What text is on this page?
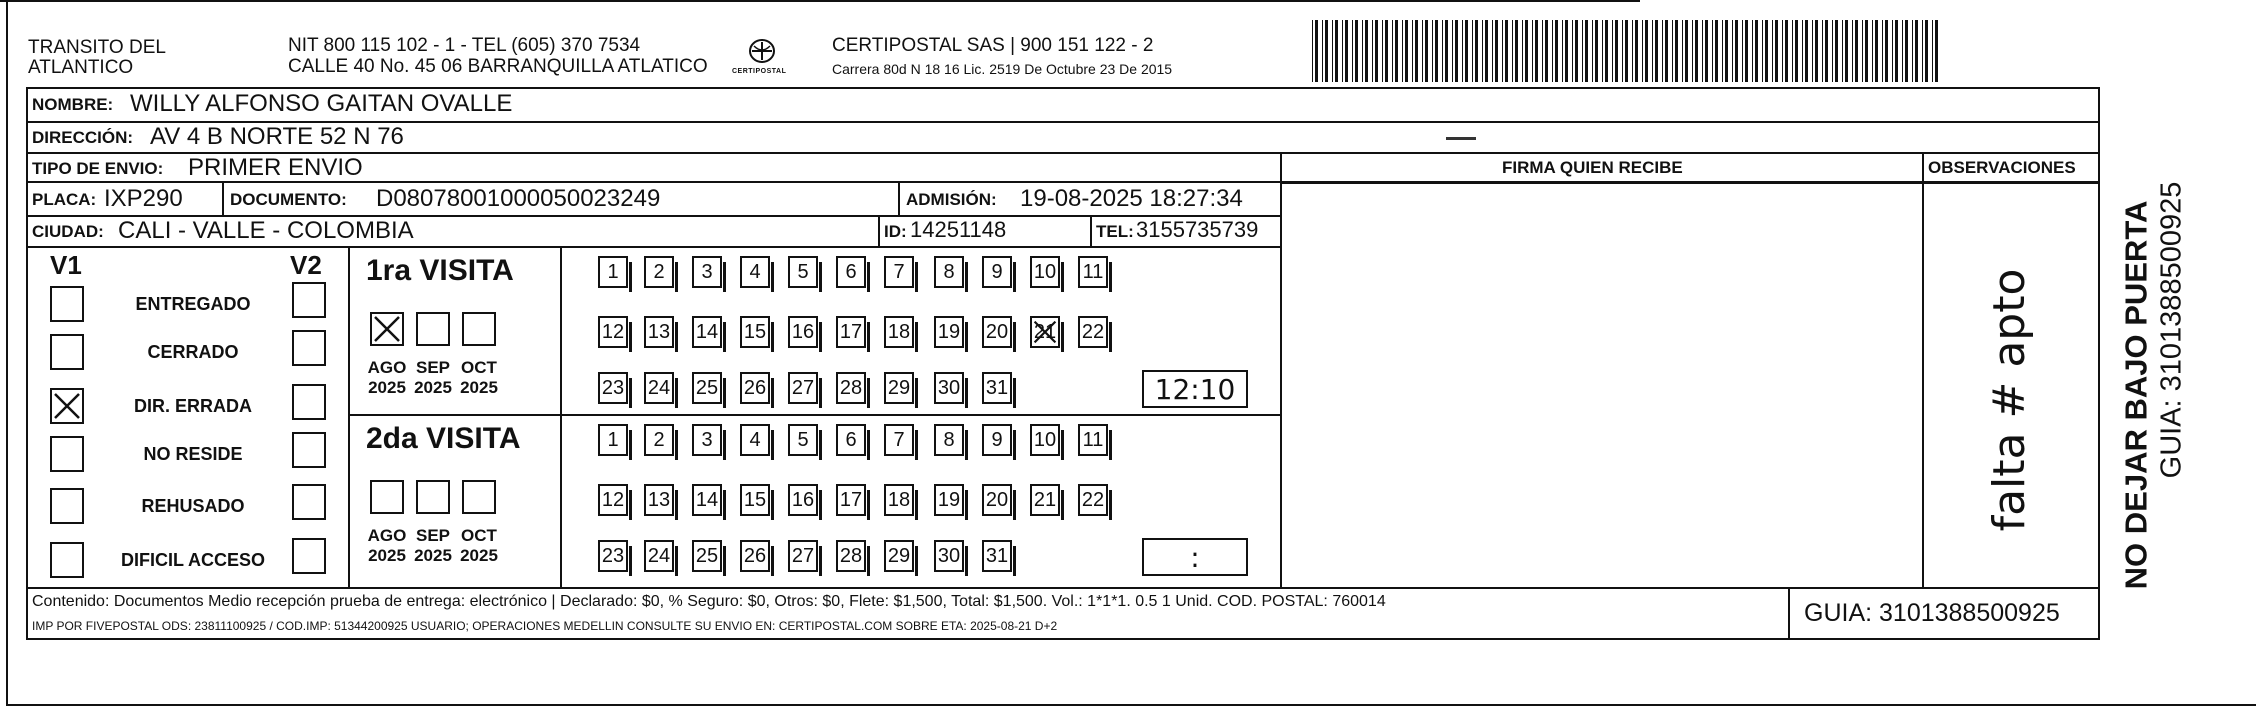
TRANSITO DEL
ATLANTICO
NIT 800 115 102 - 1 - TEL (605) 370 7534
CALLE 40 No. 45 06 BARRANQUILLA ATLATICO	CERTIPOSTAL
CERTIPOSTAL SAS | 900 151 122 - 2
Carrera 80d N 18 16 Lic. 2519 De Octubre 23 De 2015
NOMBRE: WILLY ALFONSO GAITAN OVALLE
DIRECCIÓN: AV 4 B NORTE 52 N 76
TIPO DE ENVIO: PRIMER ENVIO	FIRMA QUIEN RECIBE	OBSERVACIONES
PLACA: IXP290	DOCUMENTO: D08078001000050023249	ADMISIÓN: 19-08-2025 18:27:34
CIUDAD: CALI - VALLE - COLOMBIA	ID: 14251148	TEL: 3155735739
V1	V2
ENTREGADO
CERRADO
DIR. ERRADA
NO RESIDE
REHUSADO
DIFICIL ACCESO
1ra VISITA
AGO
2025
SEP
2025
OCT
2025
1 2 3 4 5 6 7 8 9 10 11
12 13 14 15 16 17 18 19 20 21 22
23 24 25 26 27 28 29 30 31	12:10
2da VISITA
AGO
2025
SEP
2025
OCT
2025
1 2 3 4 5 6 7 8 9 10 11
12 13 14 15 16 17 18 19 20 21 22
23 24 25 26 27 28 29 30 31	:
falta # apto
Contenido: Documentos Medio recepción prueba de entrega: electrónico | Declarado: $0, % Seguro: $0, Otros: $0, Flete: $1,500, Total: $1,500. Vol.: 1*1*1. 0.5 1 Unid. COD. POSTAL: 760014
IMP POR FIVEPOSTAL ODS: 23811100925 / COD.IMP: 51344200925 USUARIO; OPERACIONES MEDELLIN CONSULTE SU ENVIO EN: CERTIPOSTAL.COM SOBRE ETA: 2025-08-21 D+2	GUIA: 3101388500925
NO DEJAR BAJO PUERTA GUIA: 3101388500925
